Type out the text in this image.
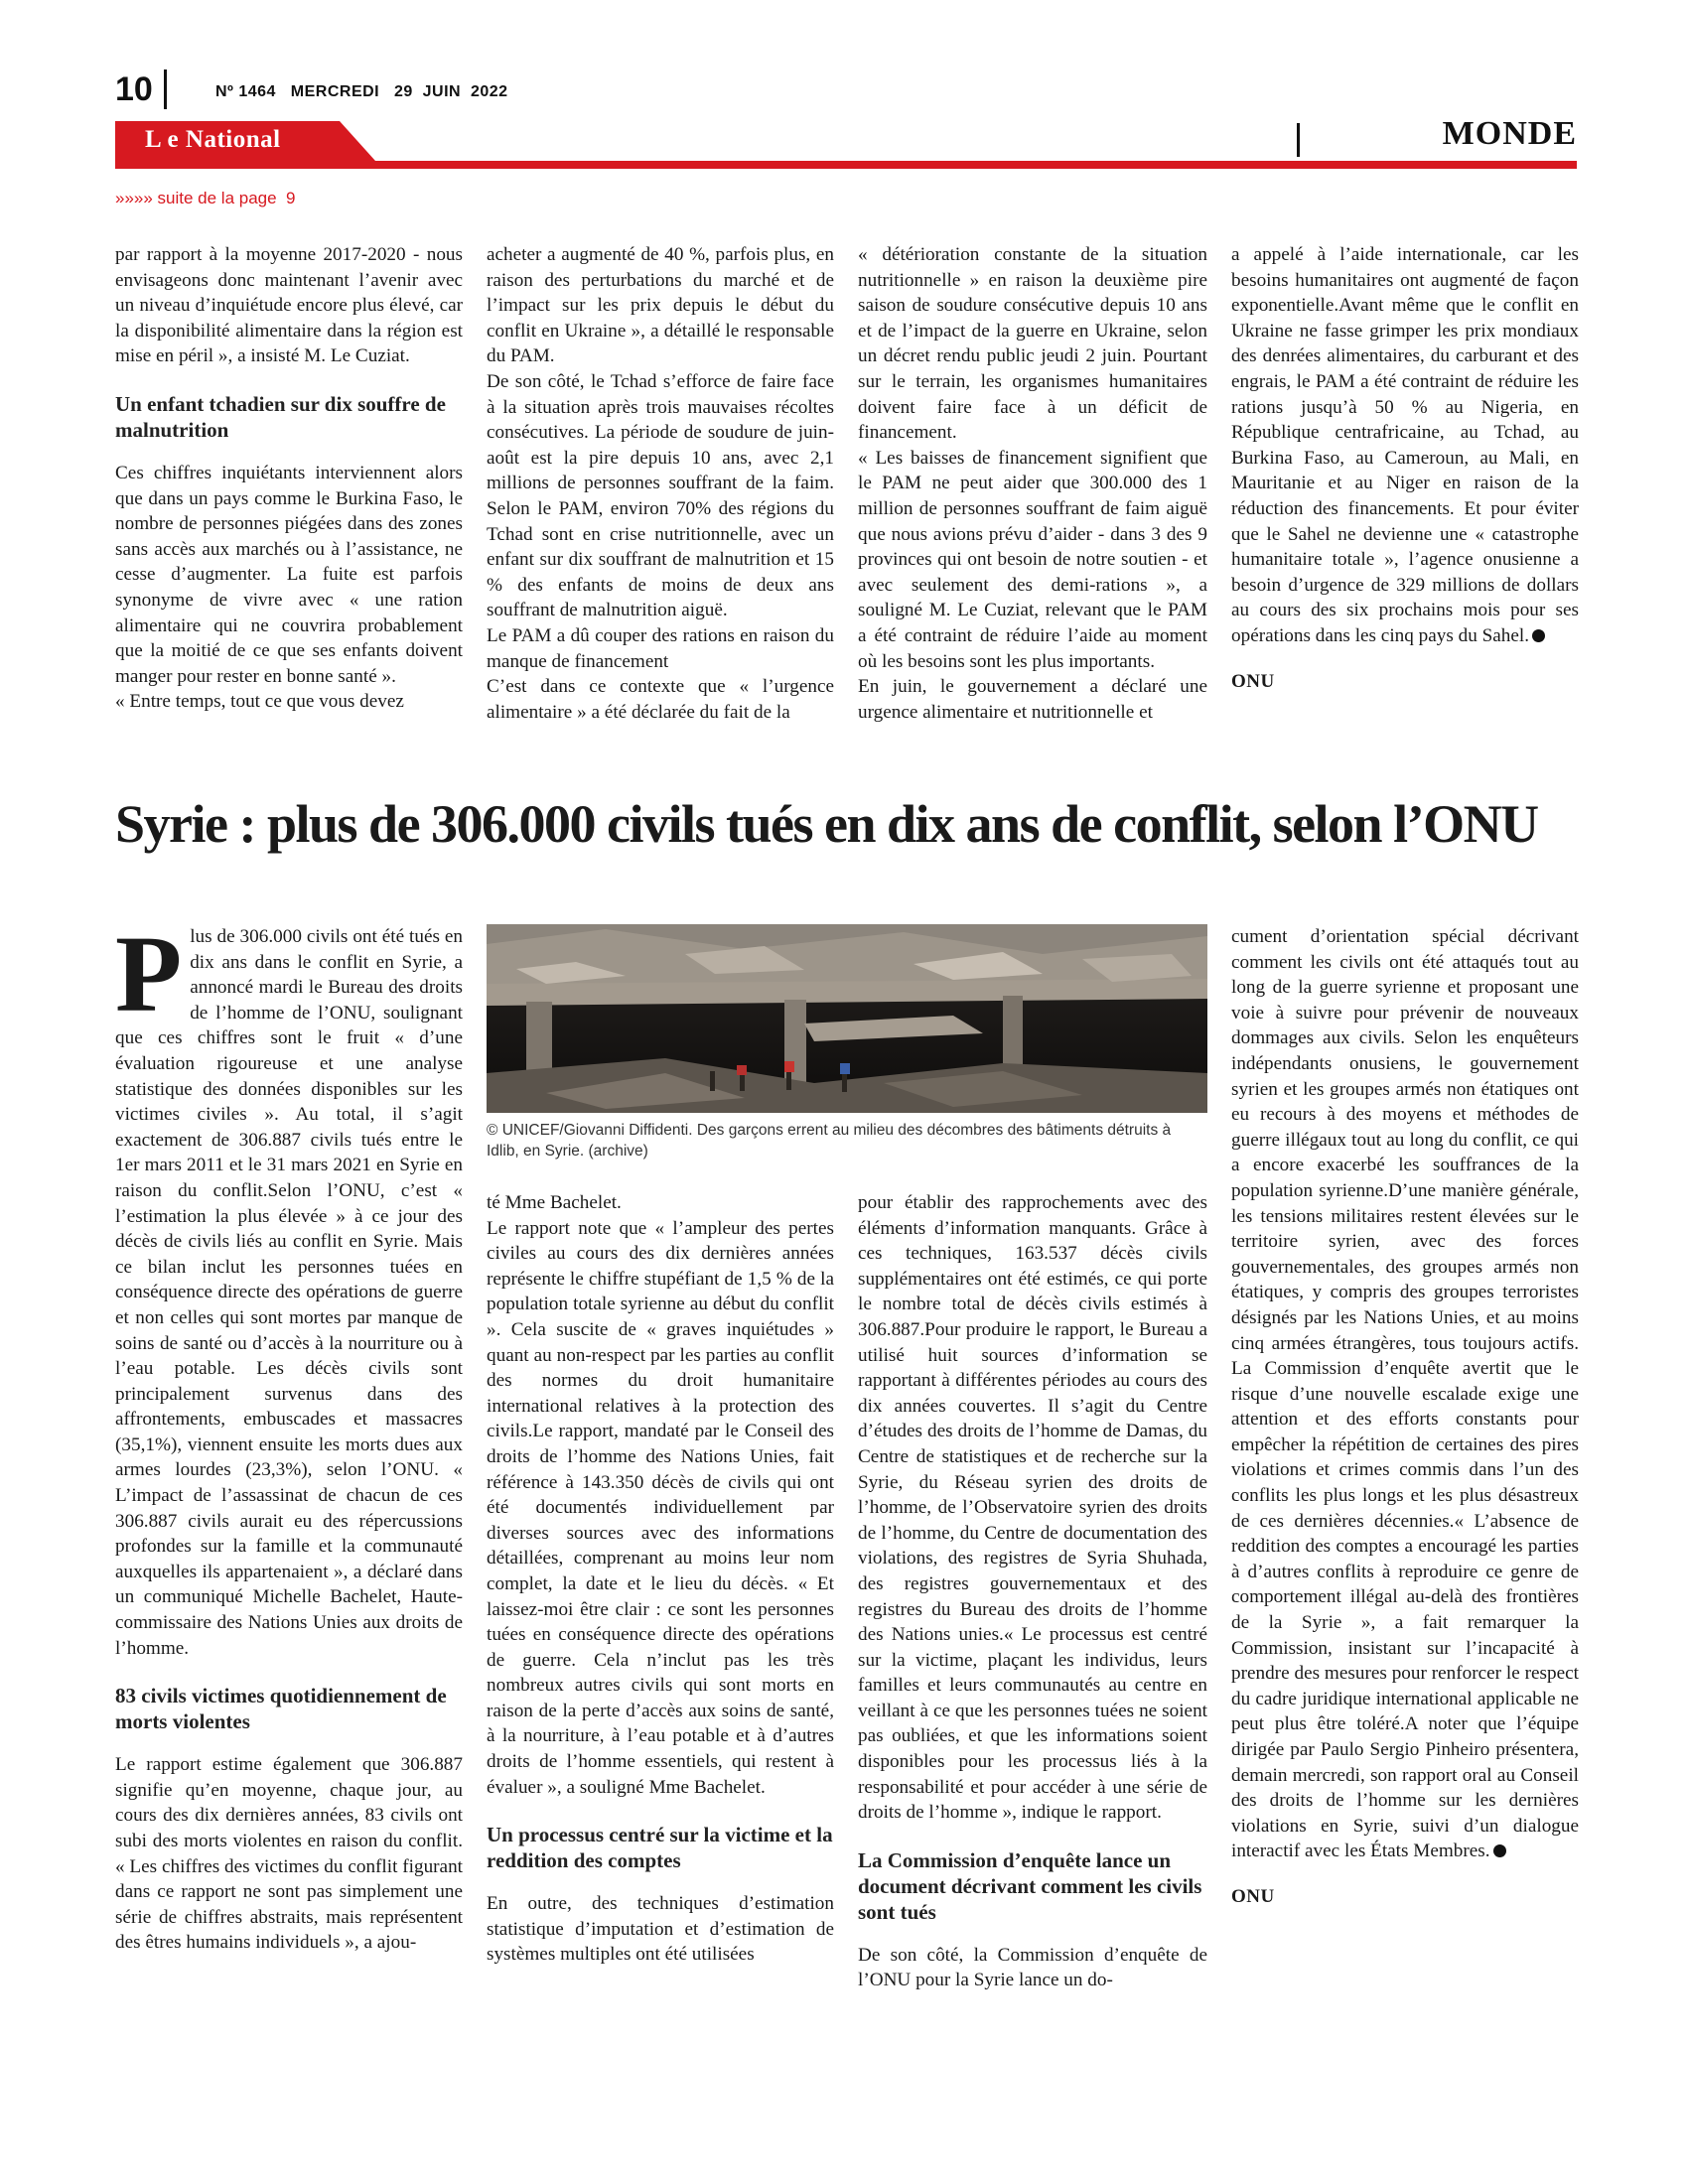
10	Nº 1464   MERCREDI   29  JUIN  2022
L e National	MONDE
»»»» suite de la page  9

par rapport à la moyenne 2017-2020 - nous envisageons donc maintenant l’avenir avec un niveau d’inquiétude encore plus élevé, car la disponibilité alimentaire dans la région est mise en péril », a insisté M. Le Cuziat.

Un enfant tchadien sur dix souffre de malnutrition

Ces chiffres inquiétants interviennent alors que dans un pays comme le Burkina Faso, le nombre de personnes piégées dans des zones sans accès aux marchés ou à l’assistance, ne cesse d’augmenter. La fuite est parfois synonyme de vivre avec « une ration alimentaire qui ne couvrira probablement que la moitié de ce que ses enfants doivent manger pour rester en bonne santé ».

« Entre temps, tout ce que vous devez

acheter a augmenté de 40 %, parfois plus, en raison des perturbations du marché et de l’impact sur les prix depuis le début du conflit en Ukraine », a détaillé le responsable du PAM.

De son côté, le Tchad s’efforce de faire face à la situation après trois mauvaises récoltes consécutives. La période de soudure de juin-août est la pire depuis 10 ans, avec 2,1 millions de personnes souffrant de la faim. Selon le PAM, environ 70% des régions du Tchad sont en crise nutritionnelle, avec un enfant sur dix souffrant de malnutrition et 15 % des enfants de moins de deux ans souffrant de malnutrition aiguë.

Le PAM a dû couper des rations en raison du manque de financement

C’est dans ce contexte que « l’urgence alimentaire » a été déclarée du fait de la

« détérioration constante de la situation nutritionnelle » en raison la deuxième pire saison de soudure consécutive depuis 10 ans et de l’impact de la guerre en Ukraine, selon un décret rendu public jeudi 2 juin. Pourtant sur le terrain, les organismes humanitaires doivent faire face à un déficit de financement.

« Les baisses de financement signifient que le PAM ne peut aider que 300.000 des 1 million de personnes souffrant de faim aiguë que nous avions prévu d’aider - dans 3 des 9 provinces qui ont besoin de notre soutien - et avec seulement des demi-rations », a souligné M. Le Cuziat, relevant que le PAM a été contraint de réduire l’aide au moment où les besoins sont les plus importants.

En juin, le gouvernement a déclaré une urgence alimentaire et nutritionnelle et

a appelé à l’aide internationale, car les besoins humanitaires ont augmenté de façon exponentielle.Avant même que le conflit en Ukraine ne fasse grimper les prix mondiaux des denrées alimentaires, du carburant et des engrais, le PAM a été contraint de réduire les rations jusqu’à 50 % au Nigeria, en République centrafricaine, au Tchad, au Burkina Faso, au Cameroun, au Mali, en Mauritanie et au Niger en raison de la réduction des financements. Et pour éviter que le Sahel ne devienne une « catastrophe humanitaire totale », l’agence onusienne a besoin d’urgence de 329 millions de dollars au cours des six prochains mois pour ses opérations dans les cinq pays du Sahel.

ONU

Syrie : plus de 306.000 civils tués en dix ans de conflit, selon l’ONU

Plus de 306.000 civils ont été tués en dix ans dans le conflit en Syrie, a annoncé mardi le Bureau des droits de l’homme de l’ONU, soulignant que ces chiffres sont le fruit « d’une évaluation rigoureuse et une analyse statistique des données disponibles sur les victimes civiles ». Au total, il s’agit exactement de 306.887 civils tués entre le 1er mars 2011 et le 31 mars 2021 en Syrie en raison du conflit.Selon l’ONU, c’est « l’estimation la plus élevée » à ce jour des décès de civils liés au conflit en Syrie. Mais ce bilan inclut les personnes tuées en conséquence directe des opérations de guerre et non celles qui sont mortes par manque de soins de santé ou d’accès à la nourriture ou à l’eau potable. Les décès civils sont principalement survenus dans des affrontements, embuscades et massacres (35,1%), viennent ensuite les morts dues aux armes lourdes (23,3%), selon l’ONU. « L’impact de l’assassinat de chacun de ces 306.887 civils aurait eu des répercussions profondes sur la famille et la communauté auxquelles ils appartenaient », a déclaré dans un communiqué Michelle Bachelet, Haute-commissaire des Nations Unies aux droits de l’homme.

83 civils victimes quotidiennement de morts violentes

Le rapport estime également que 306.887 signifie qu’en moyenne, chaque jour, au cours des dix dernières années, 83 civils ont subi des morts violentes en raison du conflit. « Les chiffres des victimes du conflit figurant dans ce rapport ne sont pas simplement une série de chiffres abstraits, mais représentent des êtres humains individuels », a ajou-

© UNICEF/Giovanni Diffidenti. Des garçons errent au milieu des décombres des bâtiments détruits à Idlib, en Syrie. (archive)

té Mme Bachelet.

Le rapport note que « l’ampleur des pertes civiles au cours des dix dernières années représente le chiffre stupéfiant de 1,5 % de la population totale syrienne au début du conflit ». Cela suscite de « graves inquiétudes » quant au non-respect par les parties au conflit des normes du droit humanitaire international relatives à la protection des civils.Le rapport, mandaté par le Conseil des droits de l’homme des Nations Unies, fait référence à 143.350 décès de civils qui ont été documentés individuellement par diverses sources avec des informations détaillées, comprenant au moins leur nom complet, la date et le lieu du décès. « Et laissez-moi être clair : ce sont les personnes tuées en conséquence directe des opérations de guerre. Cela n’inclut pas les très nombreux autres civils qui sont morts en raison de la perte d’accès aux soins de santé, à la nourriture, à l’eau potable et à d’autres droits de l’homme essentiels, qui restent à évaluer », a souligné Mme Bachelet.

Un processus centré sur la victime et la reddition des comptes

En outre, des techniques d’estimation statistique d’imputation et d’estimation de systèmes multiples ont été utilisées

pour établir des rapprochements avec des éléments d’information manquants. Grâce à ces techniques, 163.537 décès civils supplémentaires ont été estimés, ce qui porte le nombre total de décès civils estimés à 306.887.Pour produire le rapport, le Bureau a utilisé huit sources d’information se rapportant à différentes périodes au cours des dix années couvertes. Il s’agit du Centre d’études des droits de l’homme de Damas, du Centre de statistiques et de recherche sur la Syrie, du Réseau syrien des droits de l’homme, de l’Observatoire syrien des droits de l’homme, du Centre de documentation des violations, des registres de Syria Shuhada, des registres gouvernementaux et des registres du Bureau des droits de l’homme des Nations unies.« Le processus est centré sur la victime, plaçant les individus, leurs familles et leurs communautés au centre en veillant à ce que les personnes tuées ne soient pas oubliées, et que les informations soient disponibles pour les processus liés à la responsabilité et pour accéder à une série de droits de l’homme », indique le rapport.

La Commission d’enquête lance un document décrivant comment les civils sont tués

De son côté, la Commission d’enquête de l’ONU pour la Syrie lance un do-

cument d’orientation spécial décrivant comment les civils ont été attaqués tout au long de la guerre syrienne et proposant une voie à suivre pour prévenir de nouveaux dommages aux civils. Selon les enquêteurs indépendants onusiens, le gouvernement syrien et les groupes armés non étatiques ont eu recours à des moyens et méthodes de guerre illégaux tout au long du conflit, ce qui a encore exacerbé les souffrances de la population syrienne.D’une manière générale, les tensions militaires restent élevées sur le territoire syrien, avec des forces gouvernementales, des groupes armés non étatiques, y compris des groupes terroristes désignés par les Nations Unies, et au moins cinq armées étrangères, tous toujours actifs. La Commission d’enquête avertit que le risque d’une nouvelle escalade exige une attention et des efforts constants pour empêcher la répétition de certaines des pires violations et crimes commis dans l’un des conflits les plus longs et les plus désastreux de ces dernières décennies.« L’absence de reddition des comptes a encouragé les parties à d’autres conflits à reproduire ce genre de comportement illégal au-delà des frontières de la Syrie », a fait remarquer la Commission, insistant sur l’incapacité à prendre des mesures pour renforcer le respect du cadre juridique international applicable ne peut plus être toléré.A noter que l’équipe dirigée par Paulo Sergio Pinheiro présentera, demain mercredi, son rapport oral au Conseil des droits de l’homme sur les dernières violations en Syrie, suivi d’un dialogue interactif avec les États Membres.

ONU
